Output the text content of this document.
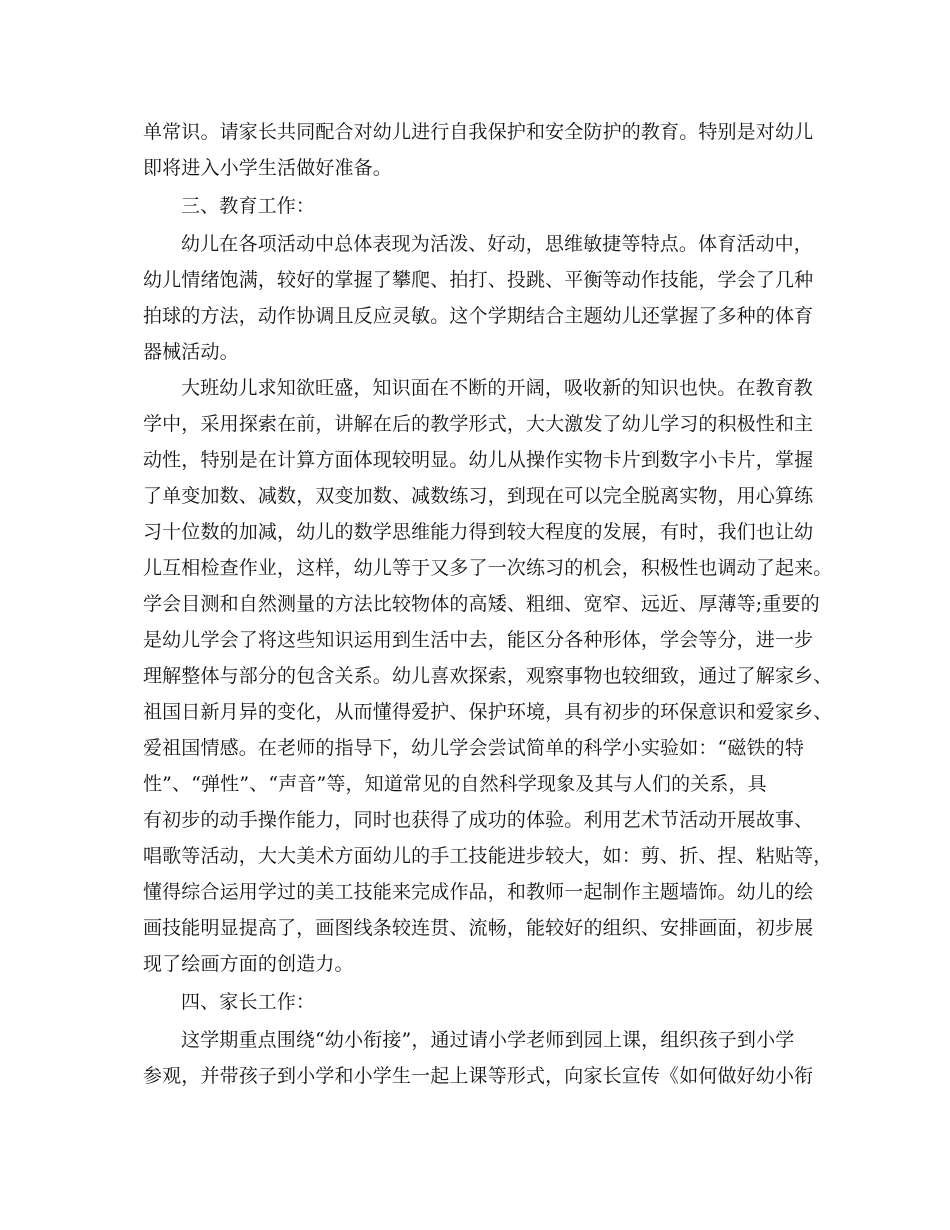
单常识。请家长共同配合对幼儿进行自我保护和安全防护的教育。特别是对幼儿
即将进入小学生活做好准备。
三、教育工作：
幼儿在各项活动中总体表现为活泼、好动，思维敏捷等特点。体育活动中，
幼儿情绪饱满，较好的掌握了攀爬、拍打、投跳、平衡等动作技能，学会了几种
拍球的方法，动作协调且反应灵敏。这个学期结合主题幼儿还掌握了多种的体育
器械活动。
大班幼儿求知欲旺盛，知识面在不断的开阔，吸收新的知识也快。在教育教
学中，采用探索在前，讲解在后的教学形式，大大激发了幼儿学习的积极性和主
动性，特别是在计算方面体现较明显。幼儿从操作实物卡片到数字小卡片，掌握
了单变加数、减数，双变加数、减数练习，到现在可以完全脱离实物，用心算练
习十位数的加减，幼儿的数学思维能力得到较大程度的发展，有时，我们也让幼
儿互相检查作业，这样，幼儿等于又多了一次练习的机会，积极性也调动了起来。
学会目测和自然测量的方法比较物体的高矮、粗细、宽窄、远近、厚薄等;重要的
是幼儿学会了将这些知识运用到生活中去，能区分各种形体，学会等分，进一步
理解整体与部分的包含关系。幼儿喜欢探索，观察事物也较细致，通过了解家乡、
祖国日新月异的变化，从而懂得爱护、保护环境，具有初步的环保意识和爱家乡、
爱祖国情感。在老师的指导下，幼儿学会尝试简单的科学小实验如：“磁铁的特
性”、“弹性”、“声音”等，知道常见的自然科学现象及其与人们的关系，具
有初步的动手操作能力，同时也获得了成功的体验。利用艺术节活动开展故事、
唱歌等活动，大大美术方面幼儿的手工技能进步较大，如：剪、折、捏、粘贴等，
懂得综合运用学过的美工技能来完成作品，和教师一起制作主题墙饰。幼儿的绘
画技能明显提高了，画图线条较连贯、流畅，能较好的组织、安排画面，初步展
现了绘画方面的创造力。
四、家长工作：
这学期重点围绕“幼小衔接”，通过请小学老师到园上课，组织孩子到小学
参观，并带孩子到小学和小学生一起上课等形式，向家长宣传《如何做好幼小衔
